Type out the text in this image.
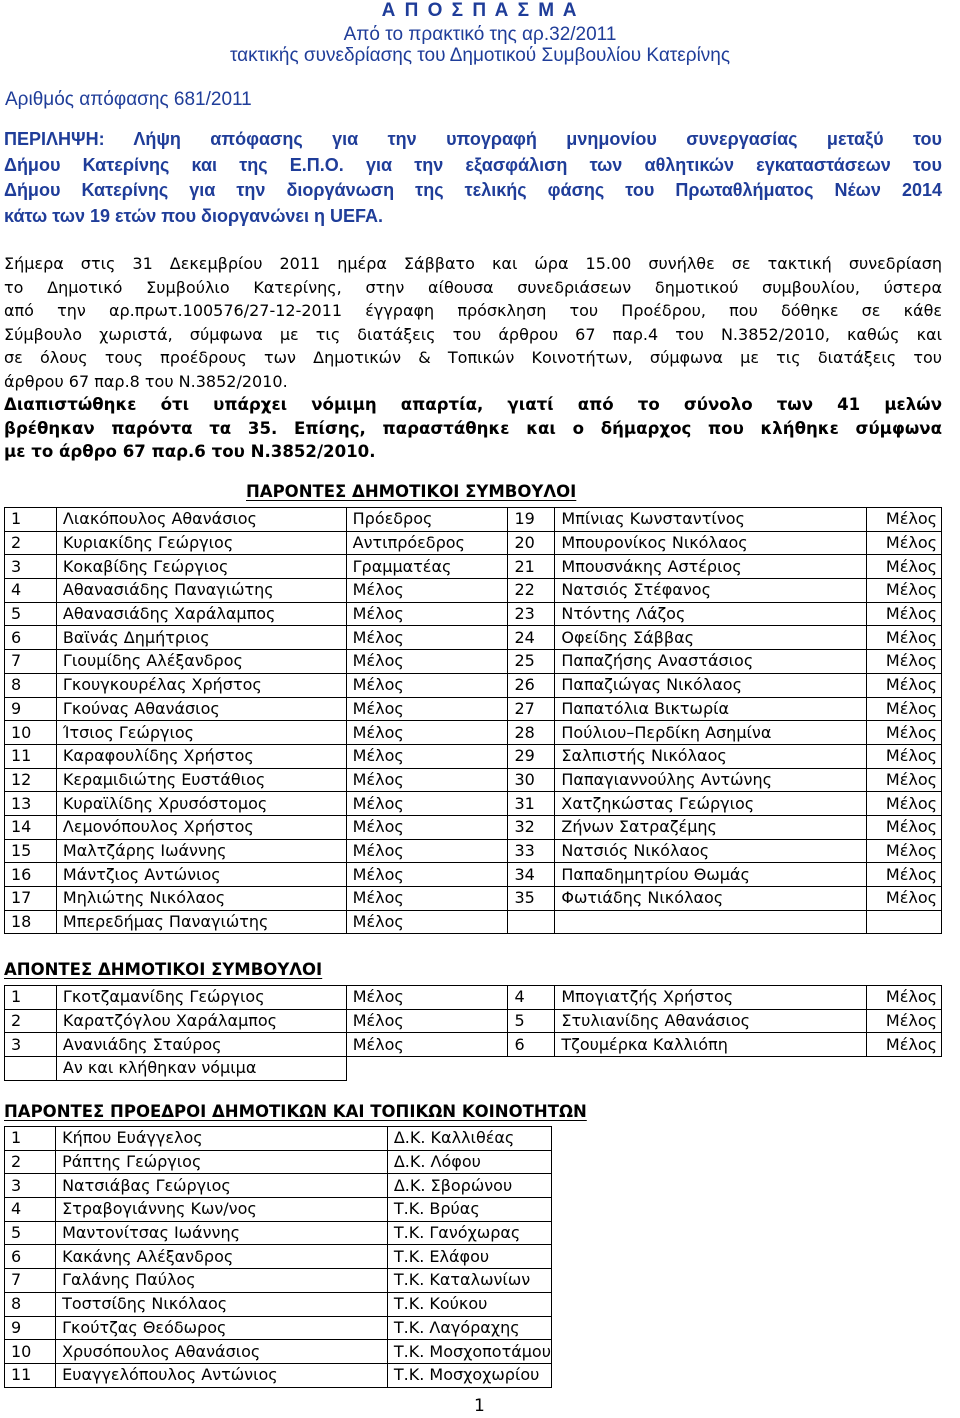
Α Π Ο Σ Π Α Σ Μ Α
Από το πρακτικό της αρ.32/2011
τακτικής συνεδρίασης του Δημοτικού Συμβουλίου Κατερίνης
Αριθμός απόφασης 681/2011
ΠΕΡΙΛΗΨΗ: Λήψη απόφασης για την υπογραφή μνημονίου συνεργασίας μεταξύ του
Δήμου Κατερίνης και της Ε.Π.Ο. για την εξασφάλιση των αθλητικών εγκαταστάσεων του
Δήμου Κατερίνης για την διοργάνωση της τελικής φάσης του Πρωταθλήματος Νέων 2014
κάτω των 19 ετών που διοργανώνει η UEFA.
Σήμερα στις 31 Δεκεμβρίου 2011 ημέρα Σάββατο και ώρα 15.00 συνήλθε σε τακτική συνεδρίαση
το Δημοτικό Συμβούλιο Κατερίνης, στην αίθουσα συνεδριάσεων δημοτικού συμβουλίου, ύστερα
από την αρ.πρωτ.100576/27-12-2011 έγγραφη πρόσκληση του Προέδρου, που δόθηκε σε κάθε
Σύμβουλο χωριστά, σύμφωνα με τις διατάξεις του άρθρου 67 παρ.4 του Ν.3852/2010, καθώς και
σε όλους τους προέδρους των Δημοτικών & Τοπικών Κοινοτήτων, σύμφωνα με τις διατάξεις του
άρθρου 67 παρ.8 του Ν.3852/2010.
Διαπιστώθηκε ότι υπάρχει νόμιμη απαρτία, γιατί από το σύνολο των 41 μελών
βρέθηκαν παρόντα τα 35. Επίσης, παραστάθηκε και ο δήμαρχος που κλήθηκε σύμφωνα
με το άρθρο 67 παρ.6 του Ν.3852/2010.
ΠΑΡΟΝΤΕΣ ΔΗΜΟΤΙΚΟΙ ΣΥΜΒΟΥΛΟΙ
1	Λιακόπουλος Αθανάσιος	Πρόεδρος	19	Μπίνιας Κωνσταντίνος	Μέλος
2	Κυριακίδης Γεώργιος	Αντιπρόεδρος	20	Μπουρονίκος Νικόλαος	Μέλος
3	Κοκαβίδης Γεώργιος	Γραμματέας	21	Μπουσνάκης Αστέριος	Μέλος
4	Αθανασιάδης Παναγιώτης	Μέλος	22	Νατσιός Στέφανος	Μέλος
5	Αθανασιάδης Χαράλαμπος	Μέλος	23	Ντόντης Λάζος	Μέλος
6	Βαϊνάς Δημήτριος	Μέλος	24	Οφείδης Σάββας	Μέλος
7	Γιουμίδης Αλέξανδρος	Μέλος	25	Παπαζήσης Αναστάσιος	Μέλος
8	Γκουγκουρέλας Χρήστος	Μέλος	26	Παπαζιώγας Νικόλαος	Μέλος
9	Γκούνας Αθανάσιος	Μέλος	27	Παπατόλια Βικτωρία	Μέλος
10	Ίτσιος Γεώργιος	Μέλος	28	Πούλιου–Περδίκη Ασημίνα	Μέλος
11	Καραφουλίδης Χρήστος	Μέλος	29	Σαλπιστής Νικόλαος	Μέλος
12	Κεραμιδιώτης Ευστάθιος	Μέλος	30	Παπαγιαννούλης Αντώνης	Μέλος
13	Κυραϊλίδης Χρυσόστομος	Μέλος	31	Χατζηκώστας Γεώργιος	Μέλος
14	Λεμονόπουλος Χρήστος	Μέλος	32	Ζήνων Σατραζέμης	Μέλος
15	Μαλτζάρης Ιωάννης	Μέλος	33	Νατσιός Νικόλαος	Μέλος
16	Μάντζιος Αντώνιος	Μέλος	34	Παπαδημητρίου Θωμάς	Μέλος
17	Μηλιώτης Νικόλαος	Μέλος	35	Φωτιάδης Νικόλαος	Μέλος
18	Μπερεδήμας Παναγιώτης	Μέλος			
ΑΠΟΝΤΕΣ ΔΗΜΟΤΙΚΟΙ ΣΥΜΒΟΥΛΟΙ
1	Γκοτζαμανίδης Γεώργιος	Μέλος	4	Μπογιατζής Χρήστος	Μέλος
2	Καρατζόγλου Χαράλαμπος	Μέλος	5	Στυλιανίδης Αθανάσιος	Μέλος
3	Ανανιάδης Σταύρος	Μέλος	6	Τζουμέρκα Καλλιόπη	Μέλος
	Αν και κλήθηκαν νόμιμα				
ΠΑΡΟΝΤΕΣ ΠΡΟΕΔΡΟΙ ΔΗΜΟΤΙΚΩΝ ΚΑΙ ΤΟΠΙΚΩΝ ΚΟΙΝΟΤΗΤΩΝ
1	Κήπου Ευάγγελος	Δ.Κ. Καλλιθέας
2	Ράπτης Γεώργιος	Δ.Κ. Λόφου
3	Νατσιάβας Γεώργιος	Δ.Κ. Σβορώνου
4	Στραβογιάννης Κων/νος	Τ.Κ. Βρύας
5	Μαντονίτσας Ιωάννης	Τ.Κ. Γανόχωρας
6	Κακάνης Αλέξανδρος	Τ.Κ. Ελάφου
7	Γαλάνης Παύλος	Τ.Κ. Καταλωνίων
8	Τοστσίδης Νικόλαος	Τ.Κ. Κούκου
9	Γκούτζας Θεόδωρος	Τ.Κ. Λαγόραχης
10	Χρυσόπουλος Αθανάσιος	Τ.Κ. Μοσχοποτάμου
11	Ευαγγελόπουλος Αντώνιος	Τ.Κ. Μοσχοχωρίου
1
